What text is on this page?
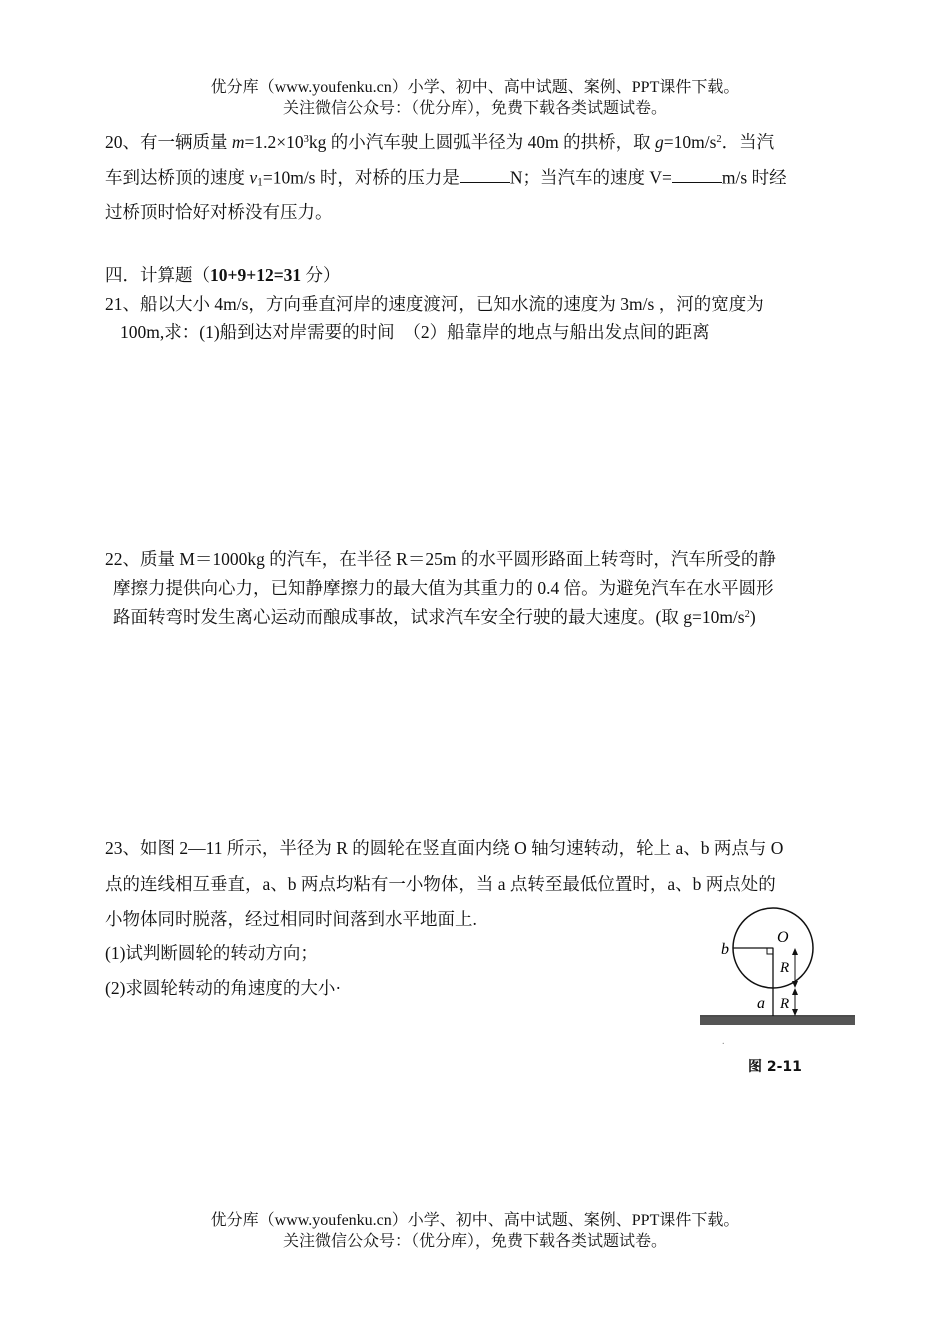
优分库（www.youfenku.cn）小学、初中、高中试题、案例、PPT课件下载。
关注微信公众号：（优分库），免费下载各类试题试卷。
20、有一辆质量 $m=1.2\times 10^3kg$ 的小汽车驶上圆弧半径为 40m 的拱桥，取 $g=10m/s^2$．当汽
车到达桥顶的速度 $v_1=10m/s$ 时，对桥的压力是	N；当汽车的速度 V=	m/s 时经
过桥顶时恰好对桥没有压力。
四．计算题（10+9+12=31 分）
21、船以大小 4m/s，方向垂直河岸的速度渡河，已知水流的速度为 3m/s ，河的宽度为
100m,求：(1)船到达对岸需要的时间　（2）船靠岸的地点与船出发点间的距离
22、质量 M＝1000kg 的汽车，在半径 R＝25m 的水平圆形路面上转弯时，汽车所受的静
摩擦力提供向心力，已知静摩擦力的最大值为其重力的 0.4 倍。为避免汽车在水平圆形
路面转弯时发生离心运动而酿成事故，试求汽车安全行驶的最大速度。(取 $g=10m/s^2$)
23、如图 2—11 所示，半径为 R 的圆轮在竖直面内绕 O 轴匀速转动，轮上 a、b 两点与 O
点的连线相互垂直，a、b 两点均粘有一小物体，当 a 点转至最低位置时，a、b 两点处的
小物体同时脱落，经过相同时间落到水平地面上.
(1)试判断圆轮的转动方向；
(2)求圆轮转动的角速度的大小·
O
b
a
R
R
.
图 2-11
优分库（www.youfenku.cn）小学、初中、高中试题、案例、PPT课件下载。
关注微信公众号：（优分库），免费下载各类试题试卷。
